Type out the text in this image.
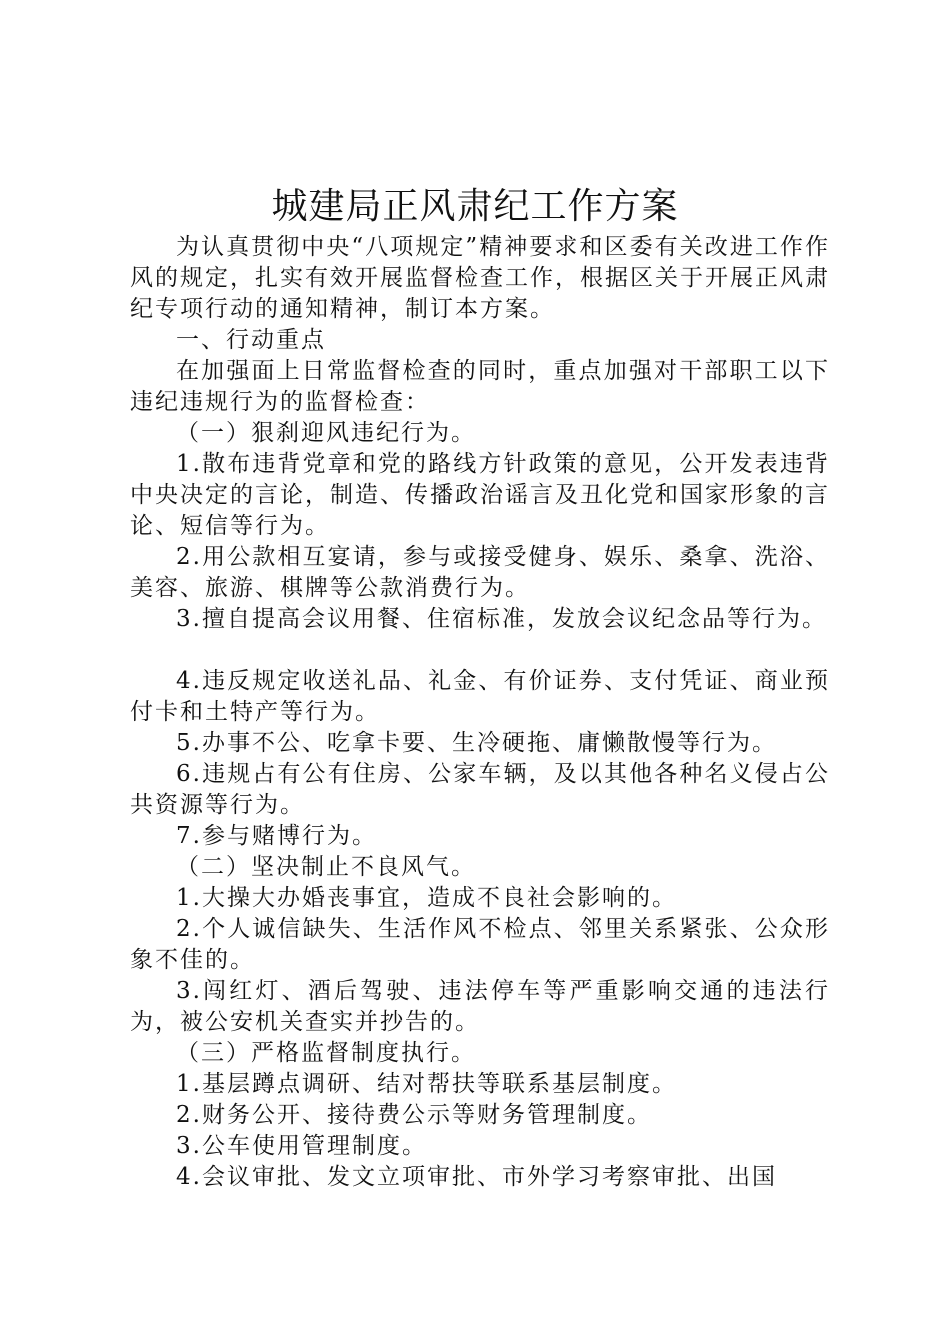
城建局正风肃纪工作方案

为认真贯彻中央“八项规定”精神要求和区委有关改进工作作风的规定，扎实有效开展监督检查工作，根据区关于开展正风肃纪专项行动的通知精神，制订本方案。

一、行动重点

在加强面上日常监督检查的同时，重点加强对干部职工以下违纪违规行为的监督检查：

（一）狠刹迎风违纪行为。

1.散布违背党章和党的路线方针政策的意见，公开发表违背中央决定的言论，制造、传播政治谣言及丑化党和国家形象的言论、短信等行为。

2.用公款相互宴请，参与或接受健身、娱乐、桑拿、洗浴、美容、旅游、棋牌等公款消费行为。

3.擅自提高会议用餐、住宿标准，发放会议纪念品等行为。

4.违反规定收送礼品、礼金、有价证券、支付凭证、商业预付卡和土特产等行为。

5.办事不公、吃拿卡要、生冷硬拖、庸懒散慢等行为。

6.违规占有公有住房、公家车辆，及以其他各种名义侵占公共资源等行为。

7.参与赌博行为。

（二）坚决制止不良风气。

1.大操大办婚丧事宜，造成不良社会影响的。

2.个人诚信缺失、生活作风不检点、邻里关系紧张、公众形象不佳的。

3.闯红灯、酒后驾驶、违法停车等严重影响交通的违法行为，被公安机关查实并抄告的。

（三）严格监督制度执行。

1.基层蹲点调研、结对帮扶等联系基层制度。

2.财务公开、接待费公示等财务管理制度。

3.公车使用管理制度。

4.会议审批、发文立项审批、市外学习考察审批、出国
